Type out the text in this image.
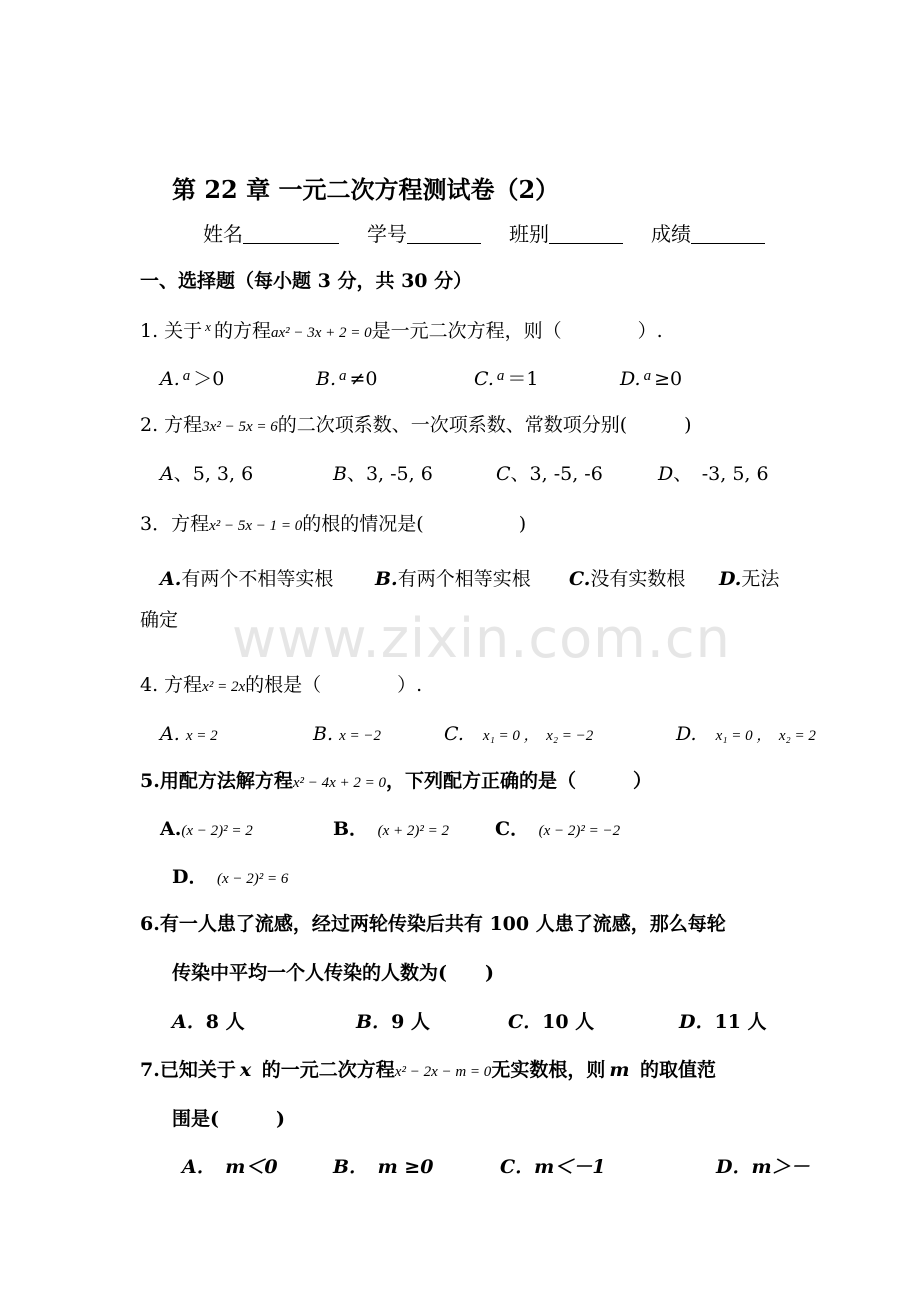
www.zixin.com.cn
第 22 章 一元二次方程测试卷（2）
姓名	学号	班别	成绩
一、选择题（每小题 3 分，共 30 分）
1. 关于 $^x$ 的方程ax² − 3x + 2 = 0是一元二次方程，则（　　　　）.
A. $^a$ ＞0	B. $^a$ ≠0	C. $^a$ ＝1	D. $^a$ ≥0
2. 方程3x² − 5x = 6的二次项系数、一次项系数、常数项分别(　　　)
A、5, 3, 6	B、3, -5, 6	C、3, -5, -6	D、　-3, 5, 6
3．方程x² − 5x − 1 = 0的根的情况是(　　　　　)
A.有两个不相等实根 B.有两个相等实根 C.没有实数根 D.无法
确定
4. 方程x² = 2x的根是（　　　　）.
A. x = 2	B. x = −2	C.　 x₁ = 0 ，　x₂ = −2	D.　 x₁ = 0 ，　x₂ = 2
5.用配方法解方程x² − 4x + 2 = 0，下列配方正确的是（　　　）
A.(x − 2)² = 2	B．　 (x + 2)² = 2 C．　 (x − 2)² = −2
D．　 (x − 2)² = 6
6.有一人患了流感，经过两轮传染后共有 100 人患了流感，那么每轮
传染中平均一个人传染的人数为(　　)
A．8 人	B．9 人	C．10 人	D．11 人
7.已知关于 x 的一元二次方程x² − 2x − m = 0无实数根，则 m 的取值范
围是(　　　)
A．　 m＜0	B．　 m ≥0	C．m＜－1	D．m＞－
